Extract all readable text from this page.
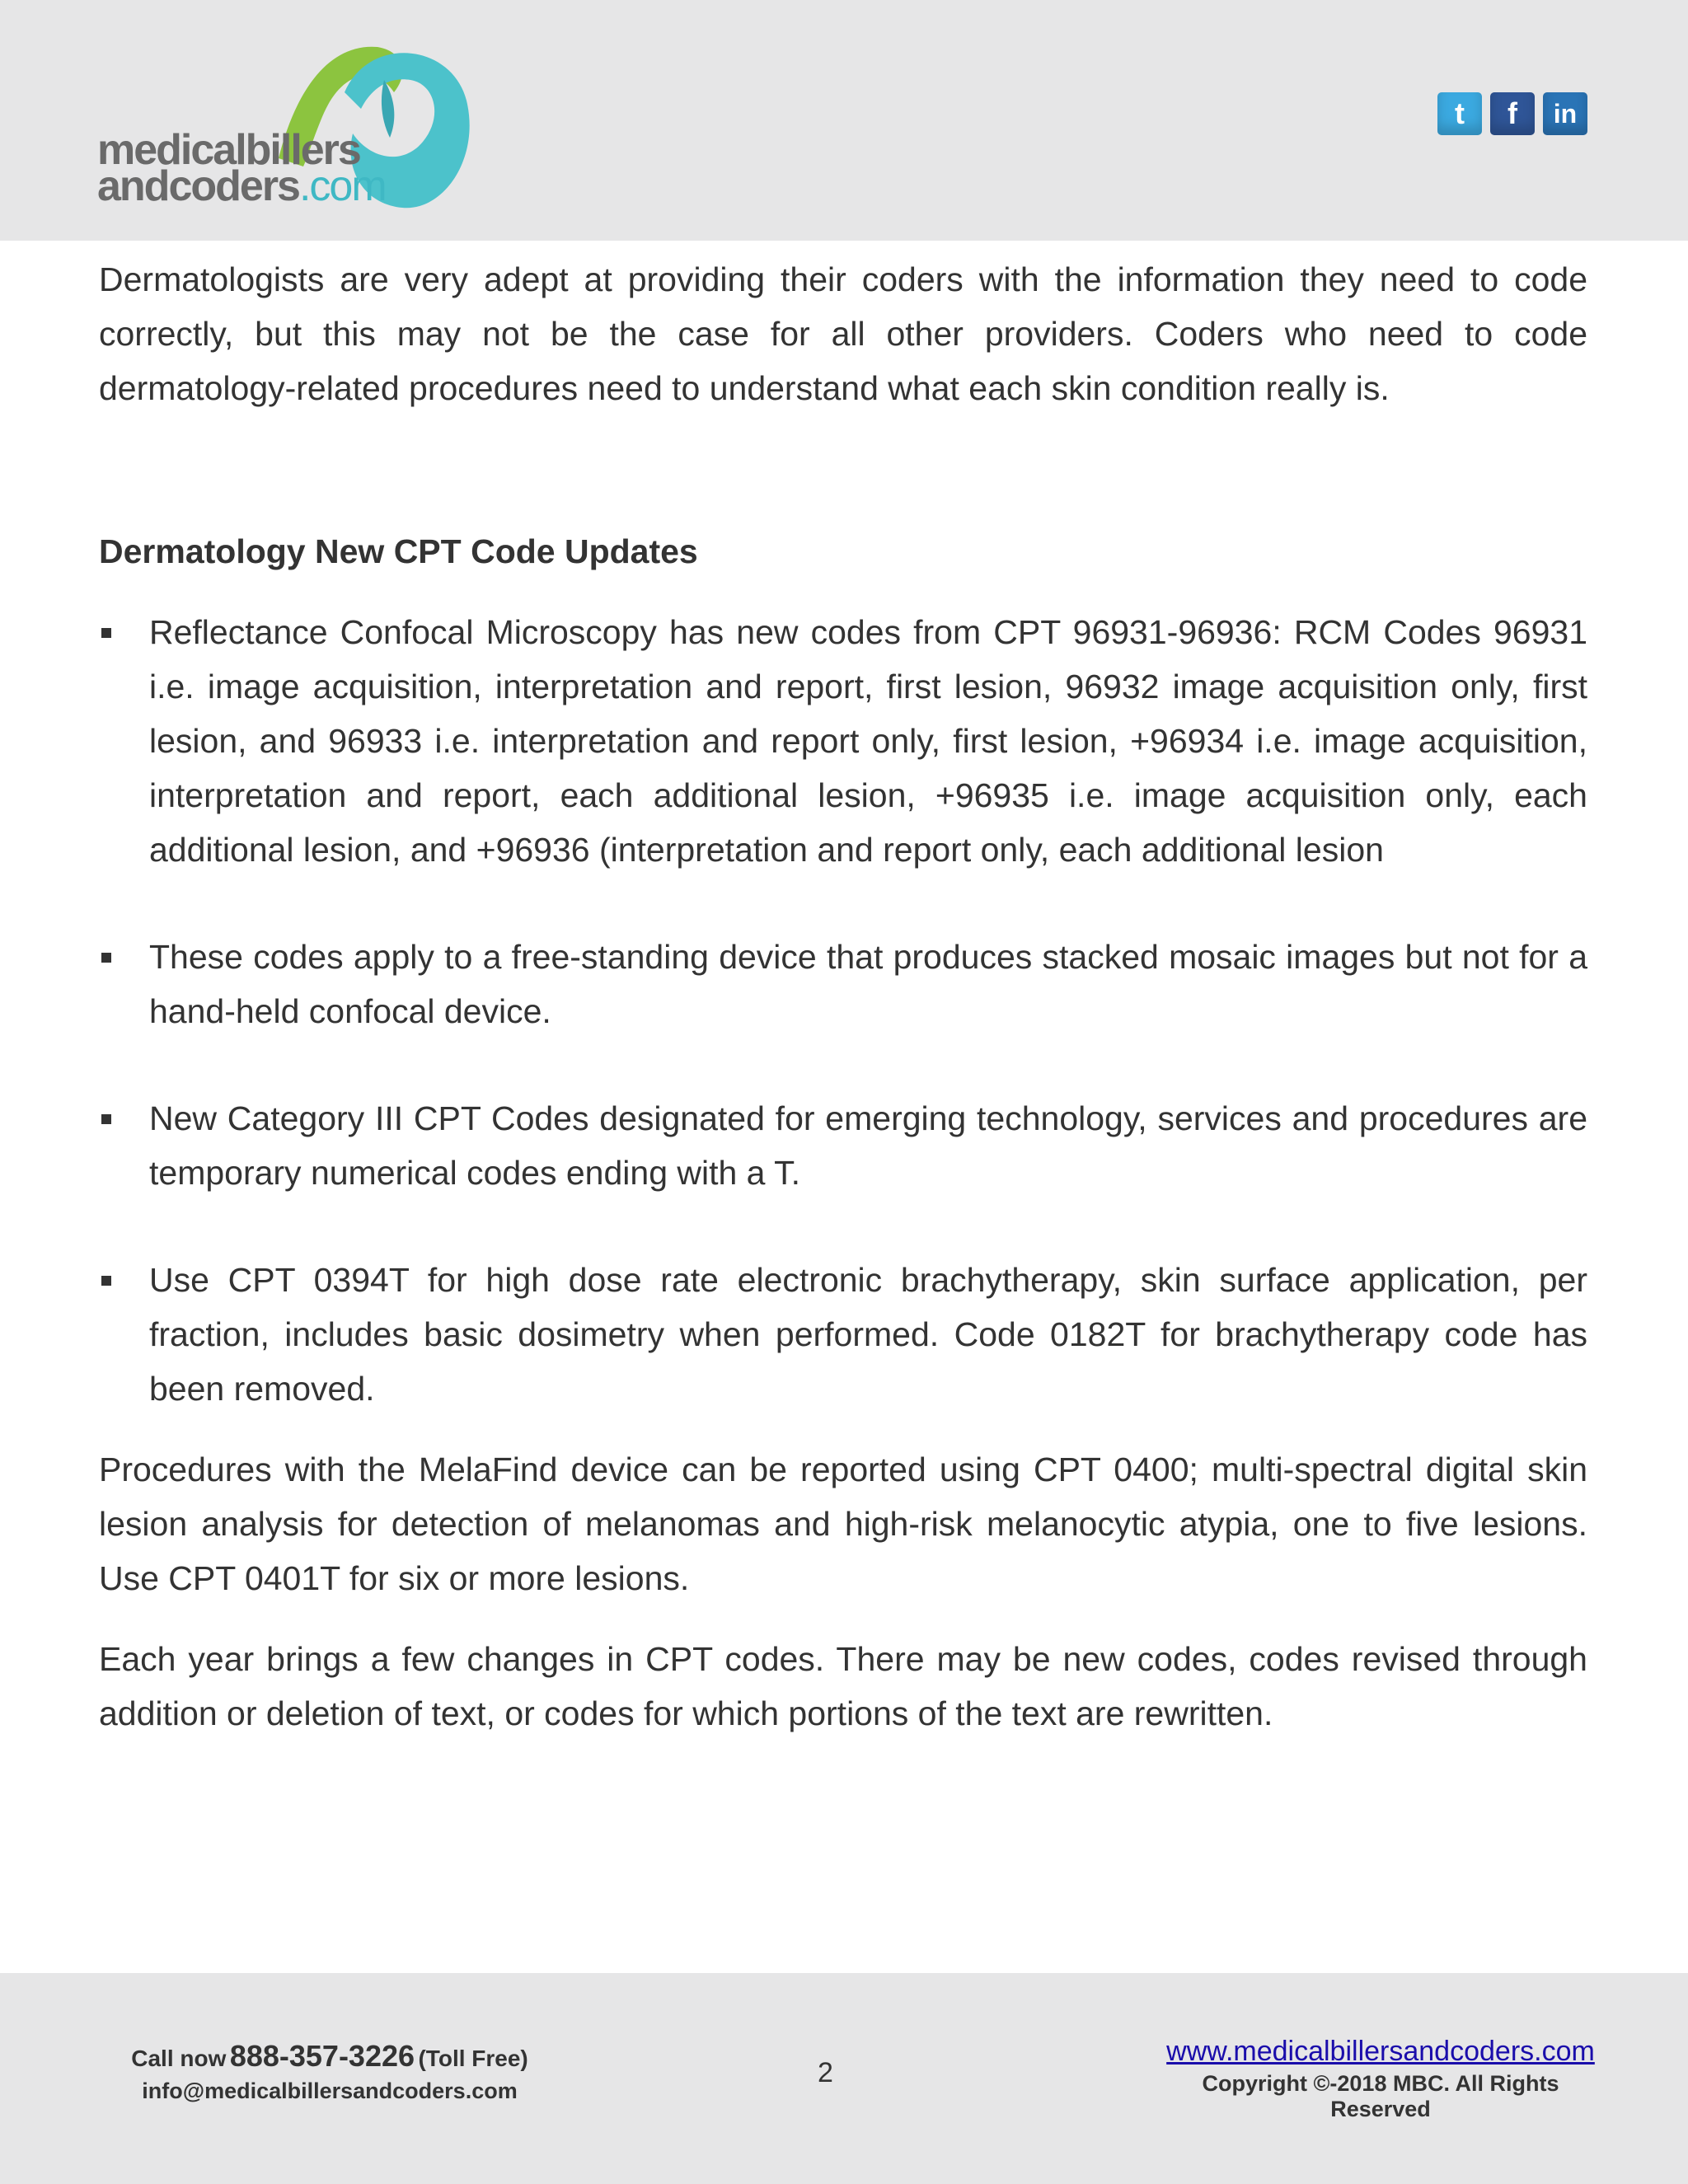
medicalbillers
andcoders.com
t	f	in

Dermatologists are very adept at providing their coders with the information they need to code correctly, but this may not be the case for all other providers. Coders who need to code dermatology-related procedures need to understand what each skin condition really is.

Dermatology New CPT Code Updates

Reflectance Confocal Microscopy has new codes from CPT 96931-96936: RCM Codes 96931 i.e. image acquisition, interpretation and report, first lesion, 96932 image acquisition only, first lesion, and 96933 i.e. interpretation and report only, first lesion, +96934 i.e. image acquisition, interpretation and report, each additional lesion, +96935 i.e. image acquisition only, each additional lesion, and +96936 (interpretation and report only, each additional lesion
These codes apply to a free-standing device that produces stacked mosaic images but not for a hand-held confocal device.
New Category III CPT Codes designated for emerging technology, services and procedures are temporary numerical codes ending with a T.
Use CPT 0394T for high dose rate electronic brachytherapy, skin surface application, per fraction, includes basic dosimetry when performed. Code 0182T for brachytherapy code has been removed.

Procedures with the MelaFind device can be reported using CPT 0400; multi-spectral digital skin lesion analysis for detection of melanomas and high-risk melanocytic atypia, one to five lesions. Use CPT 0401T for six or more lesions.

Each year brings a few changes in CPT codes. There may be new codes, codes revised through addition or deletion of text, or codes for which portions of the text are rewritten.

Call now 888-357-3226 (Toll Free)
info@medicalbillersandcoders.com
2
www.medicalbillersandcoders.com
Copyright ©-2018 MBC. All Rights Reserved
